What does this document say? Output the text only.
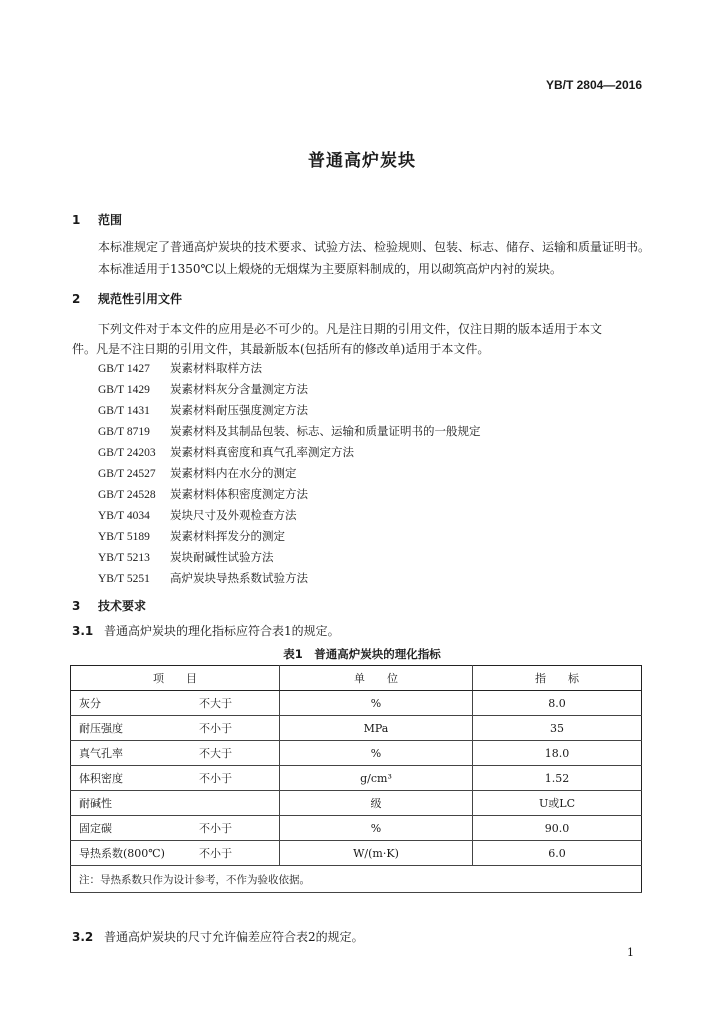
YB/T 2804—2016
普通高炉炭块
1 范围
本标准规定了普通高炉炭块的技术要求、试验方法、检验规则、包装、标志、储存、运输和质量证明书。
本标准适用于1350℃以上煅烧的无烟煤为主要原料制成的，用以砌筑高炉内衬的炭块。
2 规范性引用文件
下列文件对于本文件的应用是必不可少的。凡是注日期的引用文件，仅注日期的版本适用于本文
件。凡是不注日期的引用文件，其最新版本(包括所有的修改单)适用于本文件。
GB/T 1427 炭素材料取样方法
GB/T 1429 炭素材料灰分含量测定方法
GB/T 1431 炭素材料耐压强度测定方法
GB/T 8719 炭素材料及其制品包装、标志、运输和质量证明书的一般规定
GB/T 24203 炭素材料真密度和真气孔率测定方法
GB/T 24527 炭素材料内在水分的测定
GB/T 24528 炭素材料体积密度测定方法
YB/T 4034 炭块尺寸及外观检查方法
YB/T 5189 炭素材料挥发分的测定
YB/T 5213 炭块耐碱性试验方法
YB/T 5251 高炉炭块导热系数试验方法
3 技术要求
3.1 普通高炉炭块的理化指标应符合表1的规定。
表1　普通高炉炭块的理化指标
项　　目		单　　位	指　　标
灰分	不大于	%	8.0
耐压强度	不小于	MPa	35
真气孔率	不大于	%	18.0
体积密度	不小于	g/cm³	1.52
耐碱性		级	U或LC
固定碳	不小于	%	90.0
导热系数(800℃)	不小于	W/(m·K)	6.0
注：导热系数只作为设计参考，不作为验收依据。			
3.2 普通高炉炭块的尺寸允许偏差应符合表2的规定。
1
